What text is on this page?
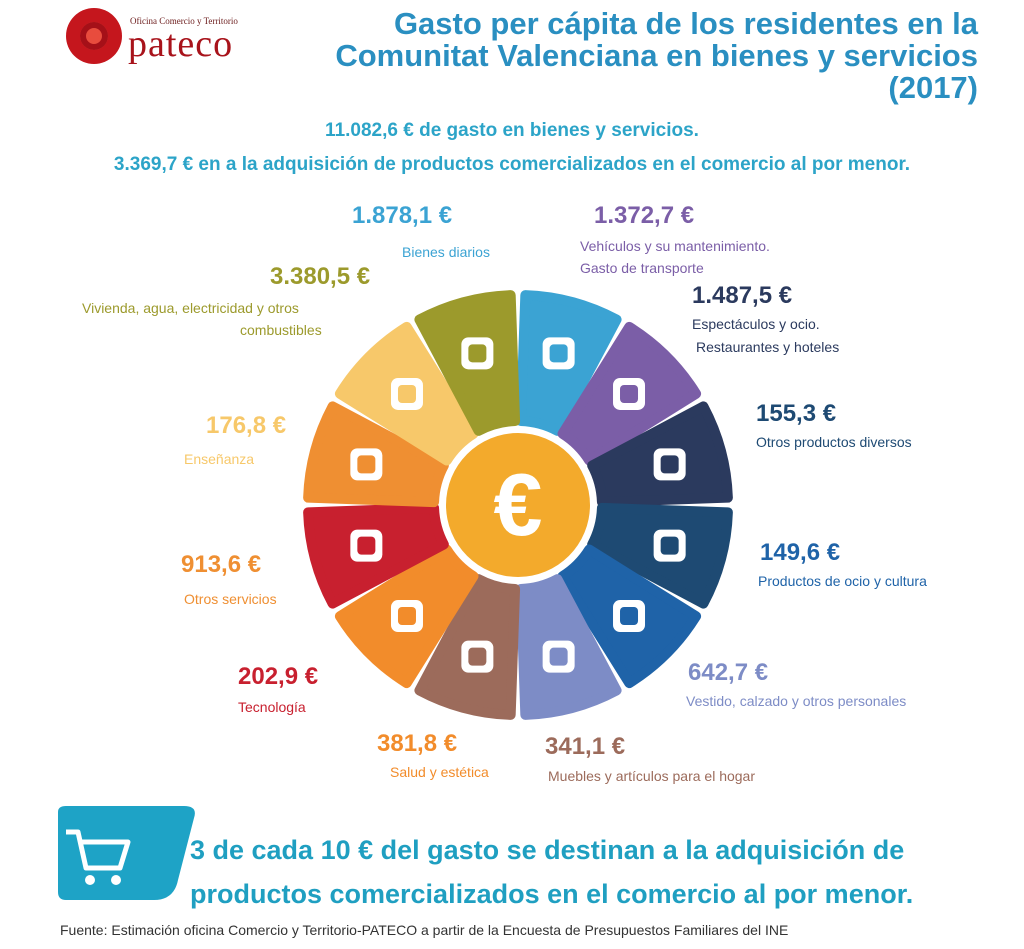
Oficina Comercio y Territorio
pateco	Gasto per cápita de los residentes en la
Comunitat Valenciana en bienes y servicios
(2017)
11.082,6 € de gasto en bienes y servicios.
3.369,7 € en a la adquisición de productos comercializados en el comercio al por menor.
€
1.878,1 €
Bienes diarios
1.372,7 €
Vehículos y su mantenimiento.
Gasto de transporte
1.487,5 €
Espectáculos y ocio.
Restaurantes y hoteles
155,3 €
Otros productos diversos
149,6 €
Productos de ocio y cultura
642,7 €
Vestido, calzado y otros personales
341,1 €
Muebles y artículos para el hogar
381,8 €
Salud y estética
202,9 €
Tecnología
913,6 €
Otros servicios
176,8 €
Enseñanza
3.380,5 €
Vivienda, agua, electricidad y otros
combustibles
3 de cada 10 € del gasto se destinan a la adquisición de
productos comercializados en el comercio al por menor.
Fuente: Estimación oficina Comercio y Territorio-PATECO a partir de la Encuesta de Presupuestos Familiares del INE
